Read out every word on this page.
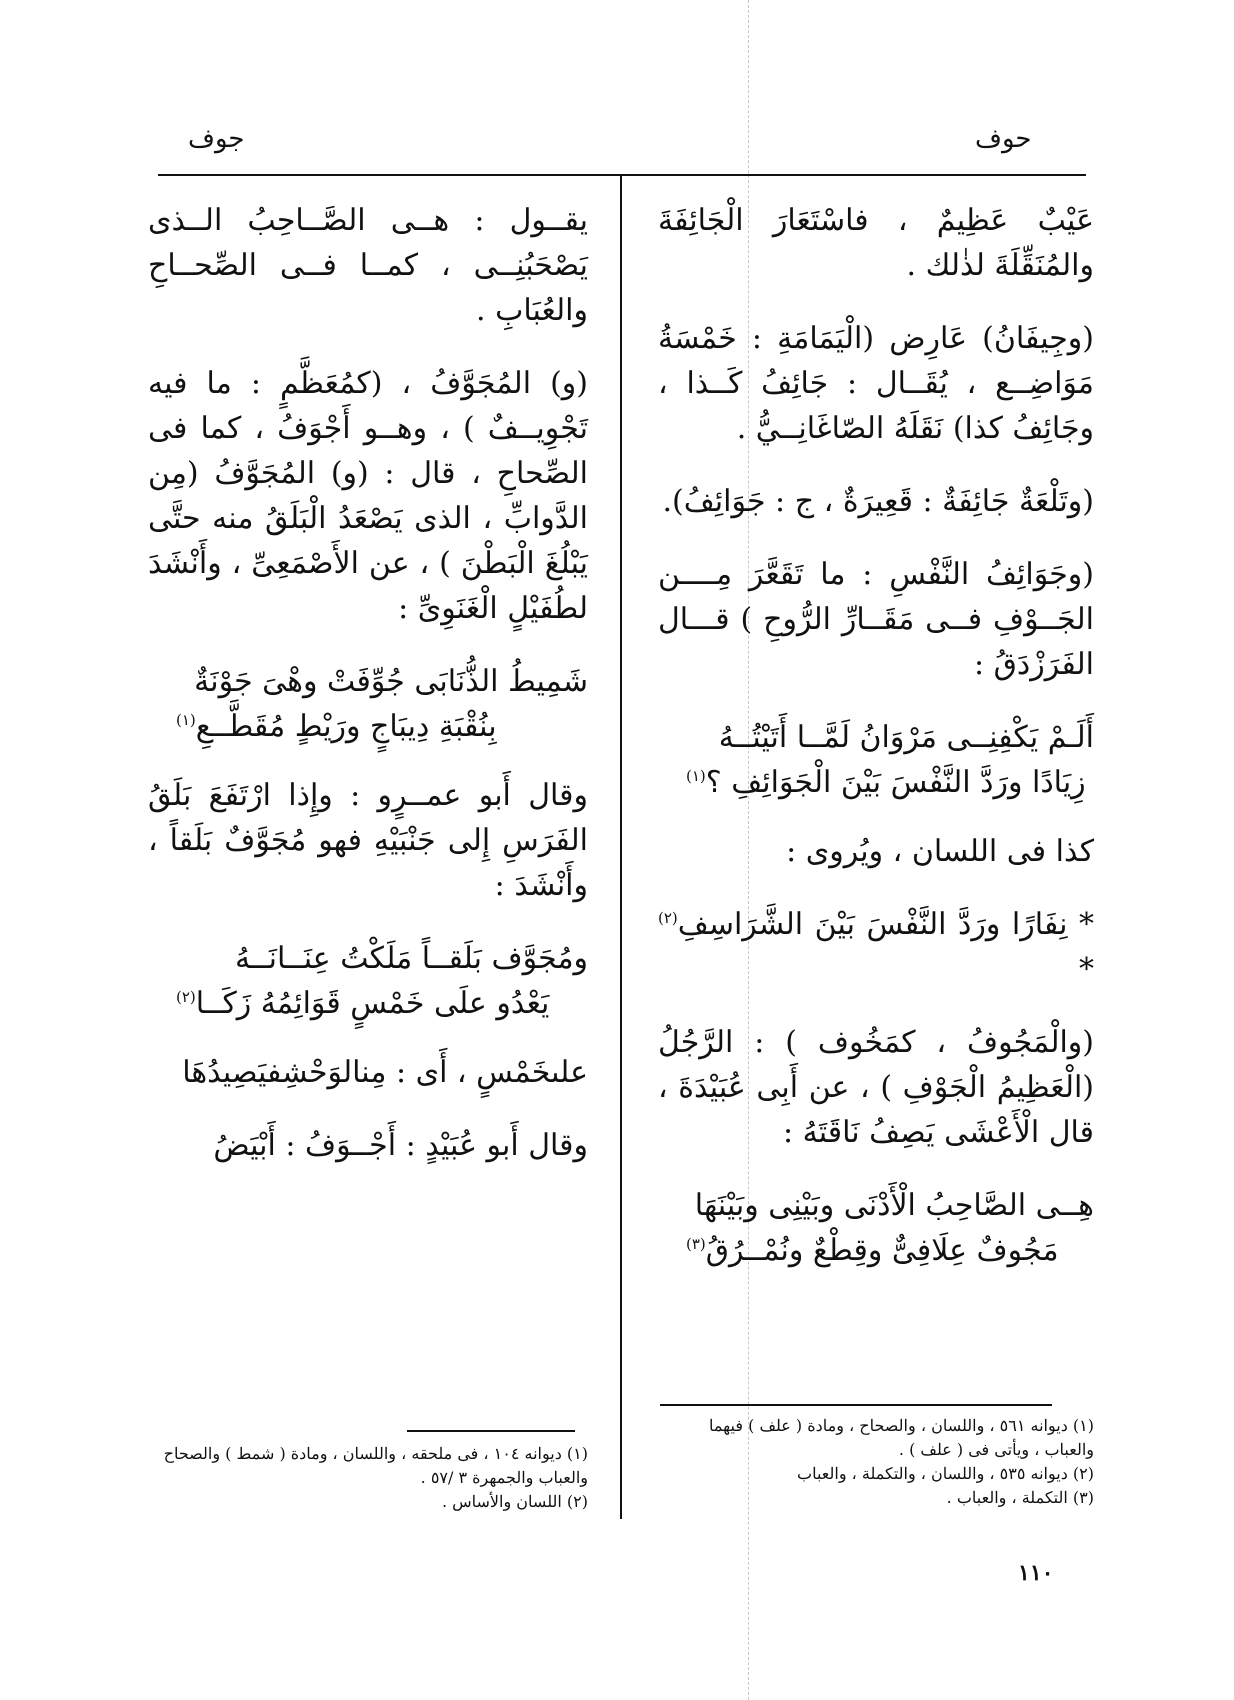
جوف	حوف

عَيْبٌ عَظِيمٌ ، فاسْتَعَارَ الْجَائِفَةَ والمُنَقِّلَةَ لذٰلك .

(وجِيفَانُ) عَارِض (الْيَمَامَةِ : خَمْسَةُ مَوَاضِــع ، يُقَــال : جَائِفُ كَــذا ، وجَائِفُ كذا) نَقَلَهُ الصّاغَانِــيُّ .

(وتَلْعَةٌ جَائِفَةٌ : قَعِيرَةٌ ، ج : جَوَائِفُ).

(وجَوَائِفُ النَّفْسِ : ما تَقَعَّرَ مِــــن الجَــوْفِ فــى مَقَــارِّ الرُّوحِ ) قـــال الفَرَزْدَقُ :

أَلَـمْ يَكْفِنِــى مَرْوَانُ لَمَّــا أَتَيْتُــهُ
زِيَادًا ورَدَّ النَّفْسَ بَيْنَ الْجَوَائِفِ ؟$^{(١)}$

كذا فى اللسان ، ويُروى :

* نِفَارًا ورَدَّ النَّفْسَ بَيْنَ الشَّرَاسِفِ$^{(٢)}$ *

(والْمَجُوفُ ، كمَخُوف ) : الرَّجُلُ (الْعَظِيمُ الْجَوْفِ ) ، عن أَبِى عُبَيْدَةَ ، قال الْأَعْشَى يَصِفُ نَاقَتَهُ :

هِــى الصَّاحِبُ الْأَدْنَى وبَيْنِى وبَيْنَهَا
مَجُوفٌ عِلَافِىٌّ وقِطْعٌ ونُمْــرُقُ$^{(٣)}$

يقــول : هــى الصَّــاحِبُ الــذى يَصْحَبُنِــى ، كمــا فــى الصِّحــاحِ والعُبَابِ .

(و) المُجَوَّفُ ، (كمُعَظَّمٍ : ما فيه تَجْوِيــفٌ ) ، وهــو أَجْوَفُ ، كما فى الصِّحاحِ ، قال : (و) المُجَوَّفُ (مِن الدَّوابِّ ، الذى يَصْعَدُ الْبَلَقُ منه حتَّى يَبْلُغَ الْبَطْنَ ) ، عن الأَصْمَعِىِّ ، وأَنْشَدَ لطُفَيْلٍ الْغَنَوِىِّ :

شَمِيطُ الذُّنَابَى جُوِّفَتْ وهْىَ جَوْنَةٌ
بِنُقْبَةِ دِيبَاجٍ ورَيْطٍ مُقَطَّــعِ$^{(١)}$

وقال أَبو عمــرٍو : وإِذا ارْتَفَعَ بَلَقُ الفَرَسِ إِلى جَنْبَيْهِ فهو مُجَوَّفٌ بَلَقاً ، وأَنْشَدَ :

ومُجَوَّف بَلَقــاً مَلَكْتُ عِنَــانَــهُ
يَعْدُو علَى خَمْسٍ قَوَائِمُهُ زَكَــا$^{(٢)}$

علىخَمْسٍ ، أَى : مِنالوَحْشِفيَصِيدُهَا

وقال أَبو عُبَيْدٍ : أَجْــوَفُ : أَبْيَضُ

(١) ديوانه ٥٦١ ، واللسان ، والصحاح ، ومادة ( علف ) فيهما والعباب ، ويأتى فى ( علف ) .
(٢) ديوانه ٥٣٥ ، واللسان ، والتكملة ، والعباب
(٣) التكملة ، والعباب .
(١) ديوانه ١٠٤ ، فى ملحقه ، واللسان ، ومادة ( شمط ) والصحاح والعباب والجمهرة ٣ /٥٧ .
(٢) اللسان والأساس .
١١٠
